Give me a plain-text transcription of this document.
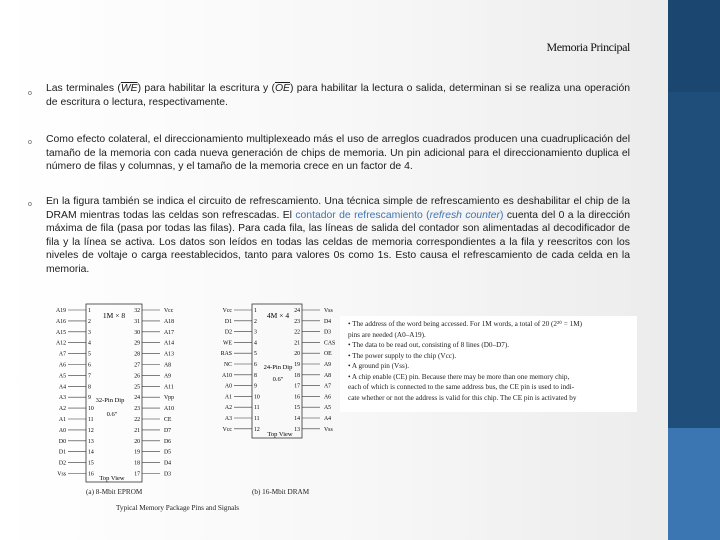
Memoria Principal
o Las terminales $(\overline{WE})$ para habilitar la escritura y $(\overline{OE})$ para habilitar la lectura o salida, determinan si se realiza una operación de escritura o lectura, respectivamente.
o Como efecto colateral, el direccionamiento multiplexeado más el uso de arreglos cuadrados producen una cuadruplicación del tamaño de la memoria con cada nueva generación de chips de memoria. Un pin adicional para el direccionamiento duplica el número de filas y columnas, y el tamaño de la memoria crece en un factor de 4.
o En la figura también se indica el circuito de refrescamiento. Una técnica simple de refrescamiento es deshabilitar el chip de la DRAM mientras todas las celdas son refrescadas. El contador de refrescamiento (refresh counter) cuenta del 0 a la dirección máxima de fila (pasa por todas las filas). Para cada fila, las líneas de salida del contador son alimentadas al decodificador de fila y la línea se activa. Los datos son leídos en todas las celdas de memoria correspondientes a la fila y reescritos con los niveles de voltaje o carga reestablecidos, tanto para valores 0s como 1s. Esto causa el refrescamiento de cada celda en la memoria.
1M × 8
32-Pin Dip
0.6"
Top View
A19	1
A16	2
A15	3
A12	4
A7	5
A6	6
A5	7
A4	8
A3	9
A2	10
A1	11
A0	12
D0	13
D1	14
D2	15
Vss	16
32	Vcc
31	A18
30	A17
29	A14
28	A13
27	A8
26	A9
25	A11
24	Vpp
23	A10
22	CE
21	D7
20	D6
19	D5
18	D4
17	D3
4M × 4
24-Pin Dip
0.6"
Top View
Vcc	1
D1	2
D2	3
WE	4
RAS	5
NC	6
A10	8
A0	9
A1	10
A2	11
A3	11
Vcc	12
24	Vss
23	D4
22	D3
21	CAS
20	OE
19	A9
18	A8
17	A7
16	A6
15	A5
14	A4
13	Vss
• The address of the word being accessed. For 1M words, a total of 20 (2²⁰ = 1M)
pins are needed (A0–A19).
• The data to be read out, consisting of 8 lines (D0–D7).
• The power supply to the chip (Vcc).
• A ground pin (Vss).
• A chip enable (CE) pin. Because there may be more than one memory chip,
each of which is connected to the same address bus, the CE pin is used to indi-
cate whether or not the address is valid for this chip. The CE pin is activated by
(a) 8-Mbit EPROM	(b) 16-Mbit DRAM
Typical Memory Package Pins and Signals
